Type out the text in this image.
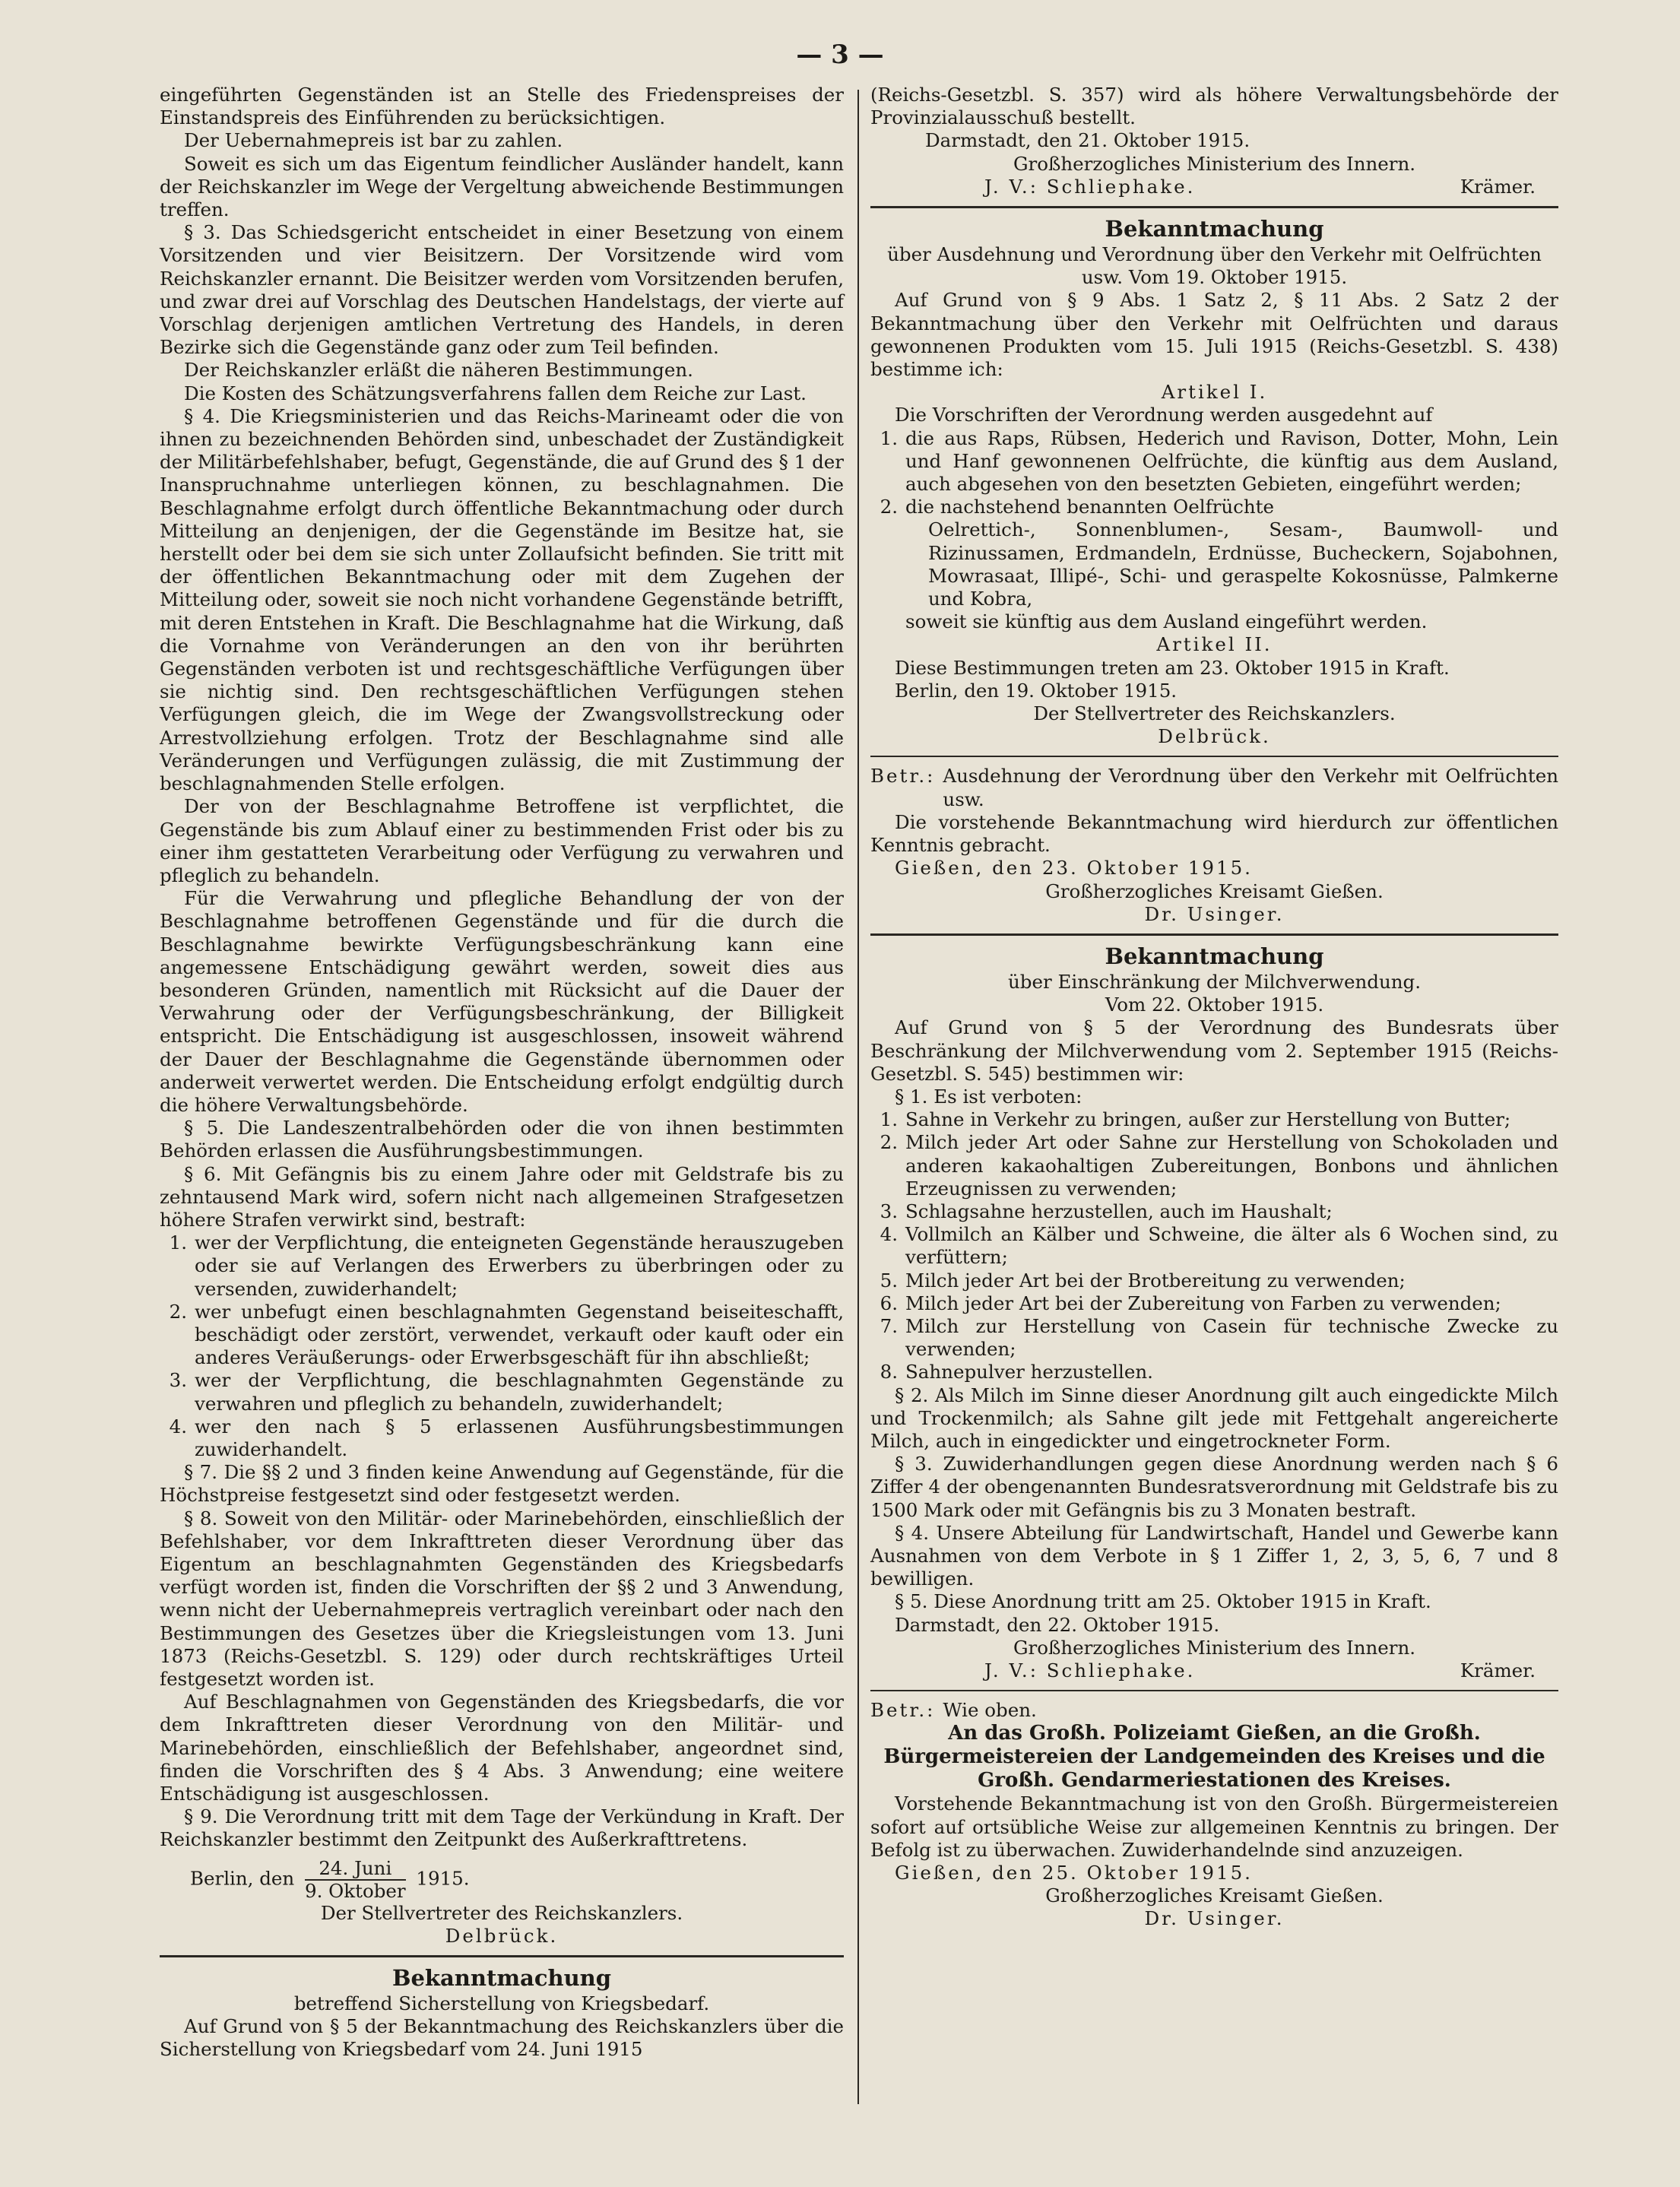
— 3 —

eingeführten Gegenständen ist an Stelle des Friedenspreises der Einstandspreis des Einführenden zu berücksichtigen.

Der Uebernahmepreis ist bar zu zahlen.

Soweit es sich um das Eigentum feindlicher Ausländer handelt, kann der Reichskanzler im Wege der Vergeltung abweichende Bestimmungen treffen.

§ 3. Das Schiedsgericht entscheidet in einer Besetzung von einem Vorsitzenden und vier Beisitzern. Der Vorsitzende wird vom Reichskanzler ernannt. Die Beisitzer werden vom Vorsitzenden berufen, und zwar drei auf Vorschlag des Deutschen Handelstags, der vierte auf Vorschlag derjenigen amtlichen Vertretung des Handels, in deren Bezirke sich die Gegenstände ganz oder zum Teil befinden.

Der Reichskanzler erläßt die näheren Bestimmungen.

Die Kosten des Schätzungsverfahrens fallen dem Reiche zur Last.

§ 4. Die Kriegsministerien und das Reichs-Marineamt oder die von ihnen zu bezeichnenden Behörden sind, unbeschadet der Zuständigkeit der Militärbefehlshaber, befugt, Gegenstände, die auf Grund des § 1 der Inanspruchnahme unterliegen können, zu beschlagnahmen. Die Beschlagnahme erfolgt durch öffentliche Bekanntmachung oder durch Mitteilung an denjenigen, der die Gegenstände im Besitze hat, sie herstellt oder bei dem sie sich unter Zollaufsicht befinden. Sie tritt mit der öffentlichen Bekanntmachung oder mit dem Zugehen der Mitteilung oder, soweit sie noch nicht vorhandene Gegenstände betrifft, mit deren Entstehen in Kraft. Die Beschlagnahme hat die Wirkung, daß die Vornahme von Veränderungen an den von ihr berührten Gegenständen verboten ist und rechtsgeschäftliche Verfügungen über sie nichtig sind. Den rechtsgeschäftlichen Verfügungen stehen Verfügungen gleich, die im Wege der Zwangsvollstreckung oder Arrestvollziehung erfolgen. Trotz der Beschlagnahme sind alle Veränderungen und Verfügungen zulässig, die mit Zustimmung der beschlagnahmenden Stelle erfolgen.

Der von der Beschlagnahme Betroffene ist verpflichtet, die Gegenstände bis zum Ablauf einer zu bestimmenden Frist oder bis zu einer ihm gestatteten Verarbeitung oder Verfügung zu verwahren und pfleglich zu behandeln.

Für die Verwahrung und pflegliche Behandlung der von der Beschlagnahme betroffenen Gegenstände und für die durch die Beschlagnahme bewirkte Verfügungsbeschränkung kann eine angemessene Entschädigung gewährt werden, soweit dies aus besonderen Gründen, namentlich mit Rücksicht auf die Dauer der Verwahrung oder der Verfügungsbeschränkung, der Billigkeit entspricht. Die Entschädigung ist ausgeschlossen, insoweit während der Dauer der Beschlagnahme die Gegenstände übernommen oder anderweit verwertet werden. Die Entscheidung erfolgt endgültig durch die höhere Verwaltungsbehörde.

§ 5. Die Landeszentralbehörden oder die von ihnen bestimmten Behörden erlassen die Ausführungsbestimmungen.

§ 6. Mit Gefängnis bis zu einem Jahre oder mit Geldstrafe bis zu zehntausend Mark wird, sofern nicht nach allgemeinen Strafgesetzen höhere Strafen verwirkt sind, bestraft:

1. wer der Verpflichtung, die enteigneten Gegenstände herauszugeben oder sie auf Verlangen des Erwerbers zu überbringen oder zu versenden, zuwiderhandelt;
2. wer unbefugt einen beschlagnahmten Gegenstand beiseiteschafft, beschädigt oder zerstört, verwendet, verkauft oder kauft oder ein anderes Veräußerungs- oder Erwerbsgeschäft für ihn abschließt;
3. wer der Verpflichtung, die beschlagnahmten Gegenstände zu verwahren und pfleglich zu behandeln, zuwiderhandelt;
4. wer den nach § 5 erlassenen Ausführungsbestimmungen zuwiderhandelt.

§ 7. Die §§ 2 und 3 finden keine Anwendung auf Gegenstände, für die Höchstpreise festgesetzt sind oder festgesetzt werden.

§ 8. Soweit von den Militär- oder Marinebehörden, einschließlich der Befehlshaber, vor dem Inkrafttreten dieser Verordnung über das Eigentum an beschlagnahmten Gegenständen des Kriegsbedarfs verfügt worden ist, finden die Vorschriften der §§ 2 und 3 Anwendung, wenn nicht der Uebernahmepreis vertraglich vereinbart oder nach den Bestimmungen des Gesetzes über die Kriegsleistungen vom 13. Juni 1873 (Reichs-Gesetzbl. S. 129) oder durch rechtskräftiges Urteil festgesetzt worden ist.

Auf Beschlagnahmen von Gegenständen des Kriegsbedarfs, die vor dem Inkrafttreten dieser Verordnung von den Militär- und Marinebehörden, einschließlich der Befehlshaber, angeordnet sind, finden die Vorschriften des § 4 Abs. 3 Anwendung; eine weitere Entschädigung ist ausgeschlossen.

§ 9. Die Verordnung tritt mit dem Tage der Verkündung in Kraft. Der Reichskanzler bestimmt den Zeitpunkt des Außerkrafttretens.

Berlin, den $\frac{\text{24. Juni}}{\text{9. Oktober}} 1915$.

Der Stellvertreter des Reichskanzlers.

Delbrück.

Bekanntmachung

betreffend Sicherstellung von Kriegsbedarf.

Auf Grund von § 5 der Bekanntmachung des Reichskanzlers über die Sicherstellung von Kriegsbedarf vom 24. Juni 1915

(Reichs-Gesetzbl. S. 357) wird als höhere Verwaltungsbehörde der Provinzialausschuß bestellt.

Darmstadt, den 21. Oktober 1915.

Großherzogliches Ministerium des Innern.

J. V.: Schliephake.	Krämer.
Bekanntmachung

über Ausdehnung und Verordnung über den Verkehr mit Oelfrüchten usw. Vom 19. Oktober 1915.

Auf Grund von § 9 Abs. 1 Satz 2, § 11 Abs. 2 Satz 2 der Bekanntmachung über den Verkehr mit Oelfrüchten und daraus gewonnenen Produkten vom 15. Juli 1915 (Reichs-Gesetzbl. S. 438) bestimme ich:

Artikel I.

Die Vorschriften der Verordnung werden ausgedehnt auf

1. die aus Raps, Rübsen, Hederich und Ravison, Dotter, Mohn, Lein und Hanf gewonnenen Oelfrüchte, die künftig aus dem Ausland, auch abgesehen von den besetzten Gebieten, eingeführt werden;
2. die nachstehend benannten Oelfrüchte

Oelrettich-, Sonnenblumen-, Sesam-, Baumwoll- und Rizinussamen, Erdmandeln, Erdnüsse, Bucheckern, Sojabohnen, Mowrasaat, Illipé-, Schi- und geraspelte Kokosnüsse, Palmkerne und Kobra,

soweit sie künftig aus dem Ausland eingeführt werden.

Artikel II.

Diese Bestimmungen treten am 23. Oktober 1915 in Kraft.

Berlin, den 19. Oktober 1915.

Der Stellvertreter des Reichskanzlers.

Delbrück.

Betr.: Ausdehnung der Verordnung über den Verkehr mit Oelfrüchten usw.

Die vorstehende Bekanntmachung wird hierdurch zur öffentlichen Kenntnis gebracht.

Gießen, den 23. Oktober 1915.

Großherzogliches Kreisamt Gießen.

Dr. Usinger.

Bekanntmachung

über Einschränkung der Milchverwendung.

Vom 22. Oktober 1915.

Auf Grund von § 5 der Verordnung des Bundesrats über Beschränkung der Milchverwendung vom 2. September 1915 (Reichs-Gesetzbl. S. 545) bestimmen wir:

§ 1. Es ist verboten:

1. Sahne in Verkehr zu bringen, außer zur Herstellung von Butter;
2. Milch jeder Art oder Sahne zur Herstellung von Schokoladen und anderen kakaohaltigen Zubereitungen, Bonbons und ähnlichen Erzeugnissen zu verwenden;
3. Schlagsahne herzustellen, auch im Haushalt;
4. Vollmilch an Kälber und Schweine, die älter als 6 Wochen sind, zu verfüttern;
5. Milch jeder Art bei der Brotbereitung zu verwenden;
6. Milch jeder Art bei der Zubereitung von Farben zu verwenden;
7. Milch zur Herstellung von Casein für technische Zwecke zu verwenden;
8. Sahnepulver herzustellen.

§ 2. Als Milch im Sinne dieser Anordnung gilt auch eingedickte Milch und Trockenmilch; als Sahne gilt jede mit Fettgehalt angereicherte Milch, auch in eingedickter und eingetrockneter Form.

§ 3. Zuwiderhandlungen gegen diese Anordnung werden nach § 6 Ziffer 4 der obengenannten Bundesratsverordnung mit Geldstrafe bis zu 1500 Mark oder mit Gefängnis bis zu 3 Monaten bestraft.

§ 4. Unsere Abteilung für Landwirtschaft, Handel und Gewerbe kann Ausnahmen von dem Verbote in § 1 Ziffer 1, 2, 3, 5, 6, 7 und 8 bewilligen.

§ 5. Diese Anordnung tritt am 25. Oktober 1915 in Kraft.

Darmstadt, den 22. Oktober 1915.

Großherzogliches Ministerium des Innern.

J. V.: Schliephake.	Krämer.
Betr.: Wie oben.

An das Großh. Polizeiamt Gießen, an die Großh. Bürgermeistereien der Landgemeinden des Kreises und die Großh. Gendarmeriestationen des Kreises.

Vorstehende Bekanntmachung ist von den Großh. Bürgermeistereien sofort auf ortsübliche Weise zur allgemeinen Kenntnis zu bringen. Der Befolg ist zu überwachen. Zuwiderhandelnde sind anzuzeigen.

Gießen, den 25. Oktober 1915.

Großherzogliches Kreisamt Gießen.

Dr. Usinger.
